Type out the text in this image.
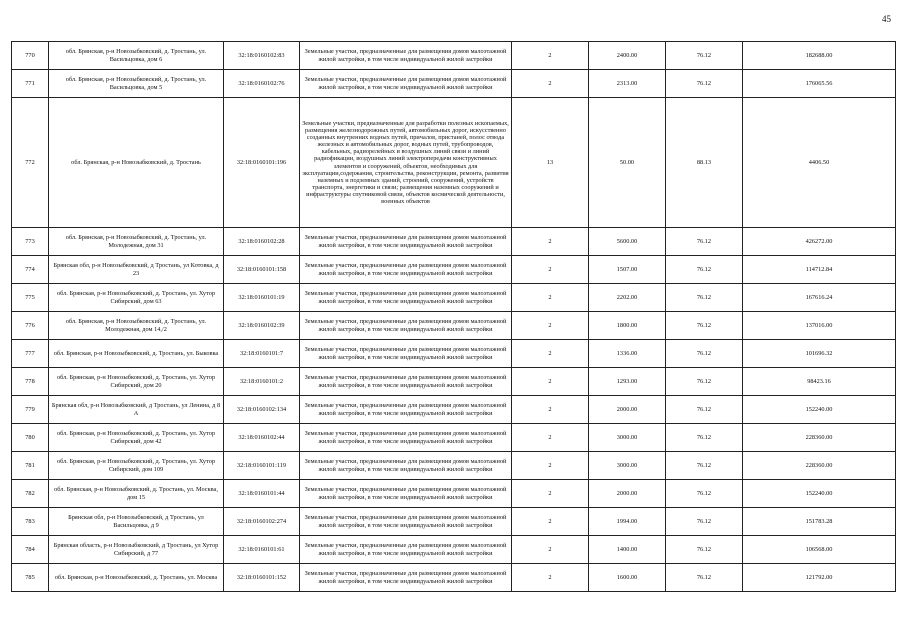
45
770	обл. Брянская, р-н Новозыбковский, д. Тростань, ул. Васильцовка, дом 6	32:18:0160102:83	Земельные участки, предназначенные для размещения домов малоэтажной жилой застройки, в том числе индивидуальной жилой застройки	2	2400.00	76.12	182688.00
771	обл. Брянская, р-н Новозыбковский, д. Тростань, ул. Васильцовка, дом 5	32:18:0160102:76	Земельные участки, предназначенные для размещения домов малоэтажной жилой застройки, в том числе индивидуальной жилой застройки	2	2313.00	76.12	176065.56
772	обл. Брянская, р-н Новозыбковский, д. Тростань	32:18:0160101:196	Земельные участки, предназначенные для разработки полезных ископаемых, размещения железнодорожных путей, автомобильных дорог, искусственно созданных внутренних водных путей, причалов, пристаней, полос отвода железных и автомобильных дорог, водных путей, трубопроводов, кабельных, радиорелейных и воздушных линий связи и линий радиофикации, воздушных линий электропередачи конструктивных элементов и сооружений, объектов, необходимых для эксплуатации,содержания, строительства, реконструкции, ремонта, развития наземных и подземных зданий, строений, сооружений, устройств транспорта, энергетики и связи; размещения наземных сооружений и инфраструктуры спутниковой связи, объектов космической деятельности, военных объектов	13	50.00	88.13	4406.50
773	обл. Брянская, р-н Новозыбковский, д. Тростань, ул. Молодежная, дом 31	32:18:0160102:28	Земельные участки, предназначенные для размещения домов малоэтажной жилой застройки, в том числе индивидуальной жилой застройки	2	5600.00	76.12	426272.00
774	Брянская обл, р-н Новозыбковский, д Тростань, ул Котовка, д 23	32:18:0160101:158	Земельные участки, предназначенные для размещения домов малоэтажной жилой застройки, в том числе индивидуальной жилой застройки	2	1507.00	76.12	114712.84
775	обл. Брянская, р-н Новозыбковский, д. Тростань, ул. Хутор Сибирский, дом 63	32:18:0160101:19	Земельные участки, предназначенные для размещения домов малоэтажной жилой застройки, в том числе индивидуальной жилой застройки	2	2202.00	76.12	167616.24
776	обл. Брянская, р-н Новозыбковский, д. Тростань, ул. Молодежная, дом 14,/2	32:18:0160102:39	Земельные участки, предназначенные для размещения домов малоэтажной жилой застройки, в том числе индивидуальной жилой застройки	2	1800.00	76.12	137016.00
777	обл. Брянская, р-н Новозыбковский, д. Тростань, ул. Быковка	32:18:0160101:7	Земельные участки, предназначенные для размещения домов малоэтажной жилой застройки, в том числе индивидуальной жилой застройки	2	1336.00	76.12	101696.32
778	обл. Брянская, р-н Новозыбковский, д. Тростань, ул. Хутор Сибирский, дом 20	32:18:0160101:2	Земельные участки, предназначенные для размещения домов малоэтажной жилой застройки, в том числе индивидуальной жилой застройки	2	1293.00	76.12	98423.16
779	Брянская обл, р-н Новозыбковский, д Тростань, ул Ленина, д 8 А	32:18:0160102:134	Земельные участки, предназначенные для размещения домов малоэтажной жилой застройки, в том числе индивидуальной жилой застройки	2	2000.00	76.12	152240.00
780	обл. Брянская, р-н Новозыбковский, д. Тростань, ул. Хутор Сибирский, дом 42	32:18:0160102:44	Земельные участки, предназначенные для размещения домов малоэтажной жилой застройки, в том числе индивидуальной жилой застройки	2	3000.00	76.12	228360.00
781	обл. Брянская, р-н Новозыбковский, д. Тростань, ул. Хутор Сибирский, дом 109	32:18:0160101:119	Земельные участки, предназначенные для размещения домов малоэтажной жилой застройки, в том числе индивидуальной жилой застройки	2	3000.00	76.12	228360.00
782	обл. Брянская, р-н Новозыбковский, д. Тростань, ул. Москва, дом 15	32:18:0160101:44	Земельные участки, предназначенные для размещения домов малоэтажной жилой застройки, в том числе индивидуальной жилой застройки	2	2000.00	76.12	152240.00
783	Брянская обл, р-н Новозыбковский, д Тростань, ул Васильцовка, д 9	32:18:0160102:274	Земельные участки, предназначенные для размещения домов малоэтажной жилой застройки, в том числе индивидуальной жилой застройки	2	1994.00	76.12	151783.28
784	Брянская область, р-н Новозыбковский, д Тростань, ул Хутор Сибирский, д 77	32:18:0160101:61	Земельные участки, предназначенные для размещения домов малоэтажной жилой застройки, в том числе индивидуальной жилой застройки	2	1400.00	76.12	106568.00
785	обл. Брянская, р-н Новозыбковский, д. Тростань, ул. Москва	32:18:0160101:152	Земельные участки, предназначенные для размещения домов малоэтажной жилой застройки, в том числе индивидуальной жилой застройки	2	1600.00	76.12	121792.00
